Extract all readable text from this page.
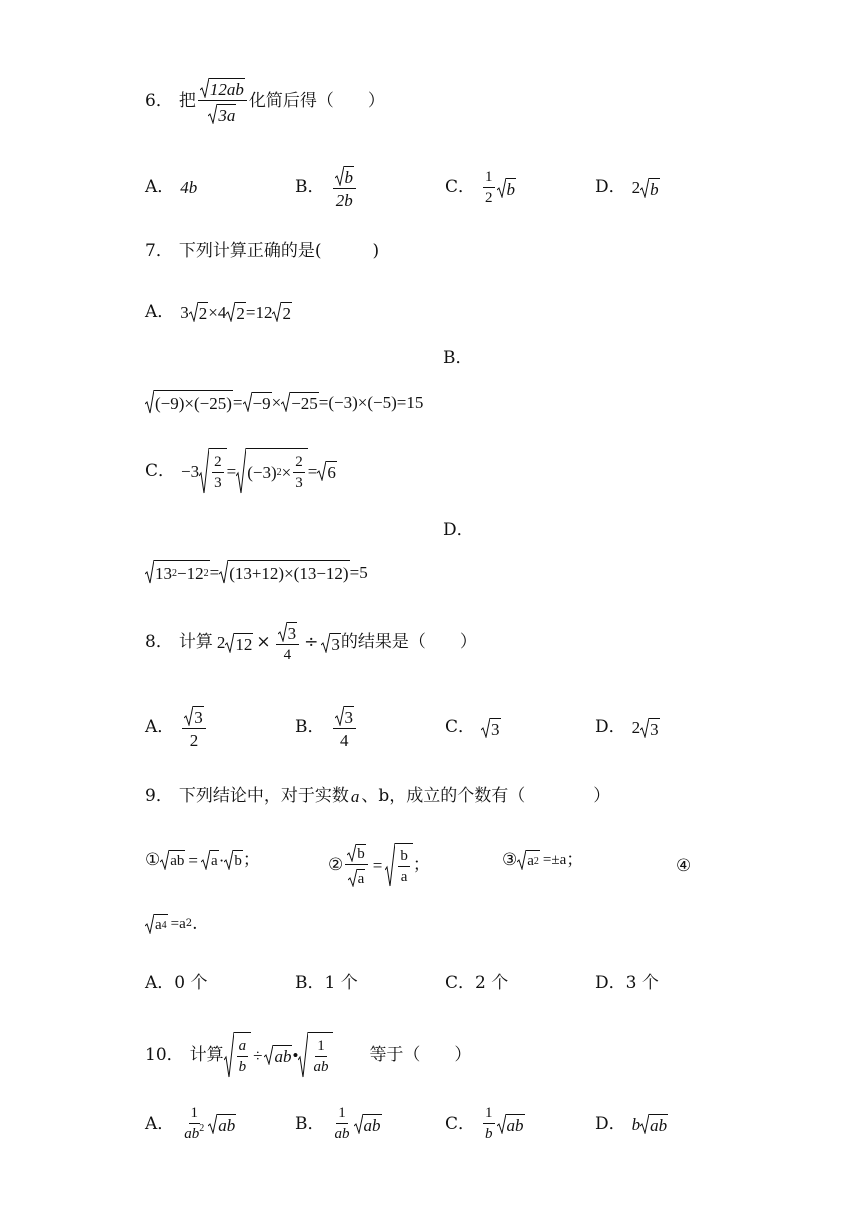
6 ． 把 $\frac{12ab}{3a}$ 化简后得（　　）
A． 4b	B． $\frac{b}{2b}$	C． $\frac{1}{2}$ b	D． 2 b
7 ． 下列计算正确的是(　　　)
A． 3 2 × 4 2 =12 2
B．
(−9)×(−25) = −9 × −25 =(−3)×(−5)=15
C． $-3 \frac{2}{3} = (-3) 2 \times \frac{2}{3} = 6$
D．
13 2 −12 2 = (13+12)×(13−12) =5
8 ． 计算 2 $12 \times \frac{3}{4} \div 3$ 的结果是（　　）
A． $\frac{3}{2}$	B． $\frac{3}{4}$	C． 3	D． 2 3
9 ． 下列结论中，对于实数 a 、b，成立的个数有（　　　　）
① ab = a · b ；	② $\frac{b}{a} = \frac{b}{a}$ ；	③ a 2 =±a ；	④
a 4 =a 2 .
A． 0 个	B． 1 个	C． 2 个	D． 3 个
10 ． 计算 $\frac{a}{b}$ ÷ ab • $\frac{1}{ab}$ 等于（　　）
A． $\frac{1}{ab^2}$ ab	B． $\frac{1}{ab}$ ab	C． $\frac{1}{b}$ ab	D． b ab
